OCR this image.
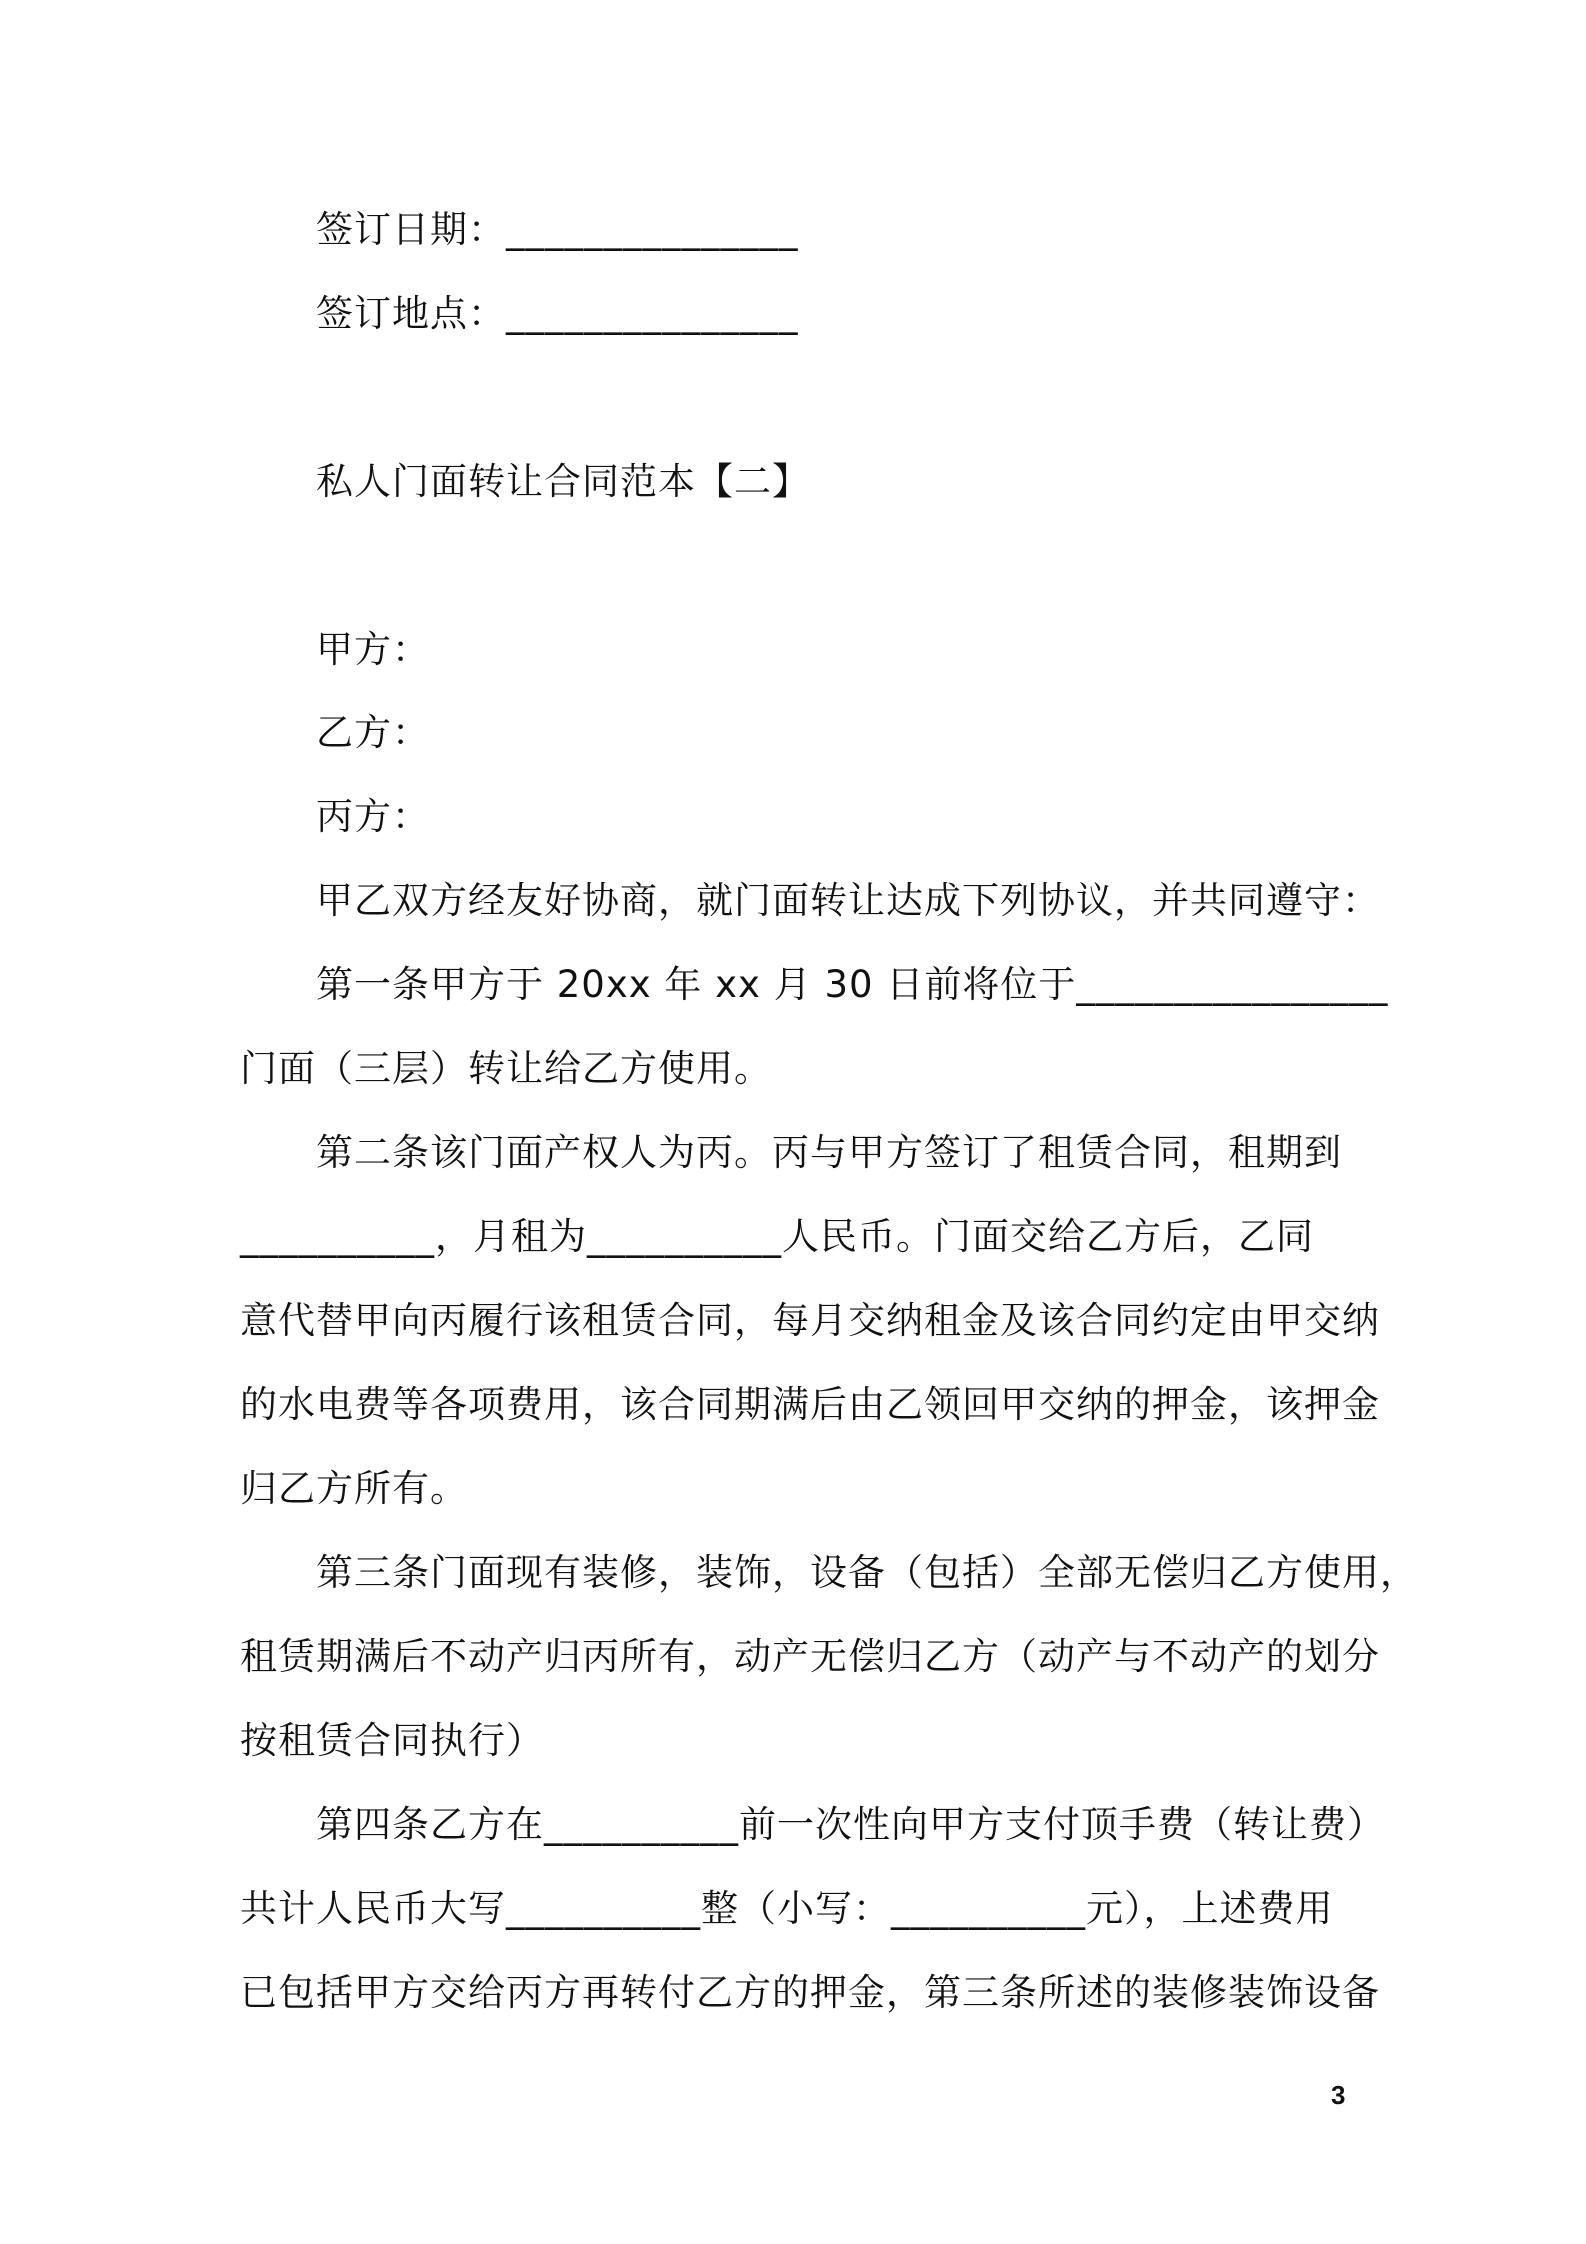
签订日期：_______________
签订地点：_______________
私人门面转让合同范本【二】
甲方：
乙方：
丙方：
甲乙双方经友好协商，就门面转让达成下列协议，并共同遵守：
第一条甲方于 20xx 年 xx 月 30 日前将位于________________
门面（三层）转让给乙方使用。
第二条该门面产权人为丙。丙与甲方签订了租赁合同，租期到
__________，月租为__________人民币。门面交给乙方后，乙同
意代替甲向丙履行该租赁合同，每月交纳租金及该合同约定由甲交纳
的水电费等各项费用，该合同期满后由乙领回甲交纳的押金，该押金
归乙方所有。
第三条门面现有装修，装饰，设备（包括）全部无偿归乙方使用，
租赁期满后不动产归丙所有，动产无偿归乙方（动产与不动产的划分
按租赁合同执行）
第四条乙方在__________前一次性向甲方支付顶手费（转让费）
共计人民币大写__________整（小写：__________元），上述费用
已包括甲方交给丙方再转付乙方的押金，第三条所述的装修装饰设备
3
